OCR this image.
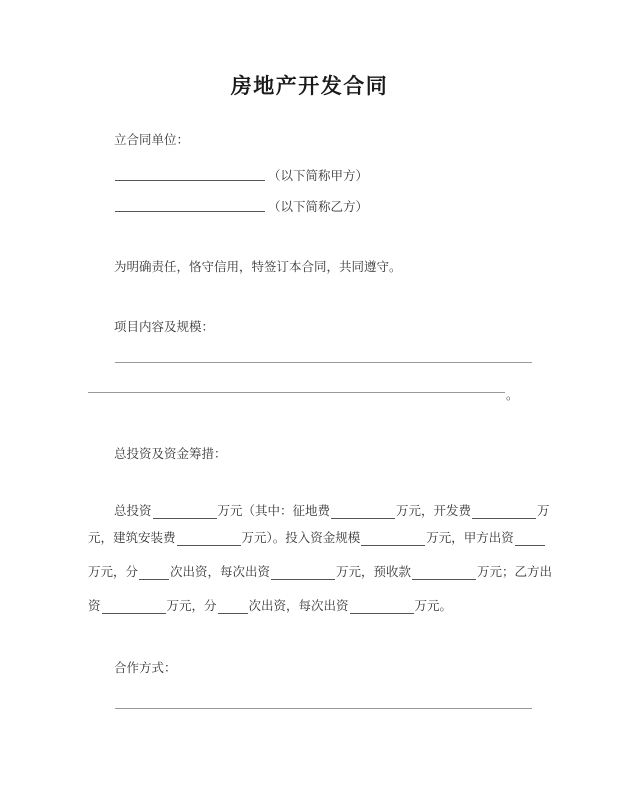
房地产开发合同
立合同单位：
（以下简称甲方）
（以下简称乙方）
为明确责任，恪守信用，特签订本合同，共同遵守。
项目内容及规模：
。
总投资及资金筹措：
总投资	万元（其中：征地费	万元，开发费	万
元，建筑安装费	万元）。投入资金规模	万元，甲方出资
万元，分	次出资，每次出资	万元，预收款	万元；乙方出
资	万元，分	次出资，每次出资	万元。
合作方式：
